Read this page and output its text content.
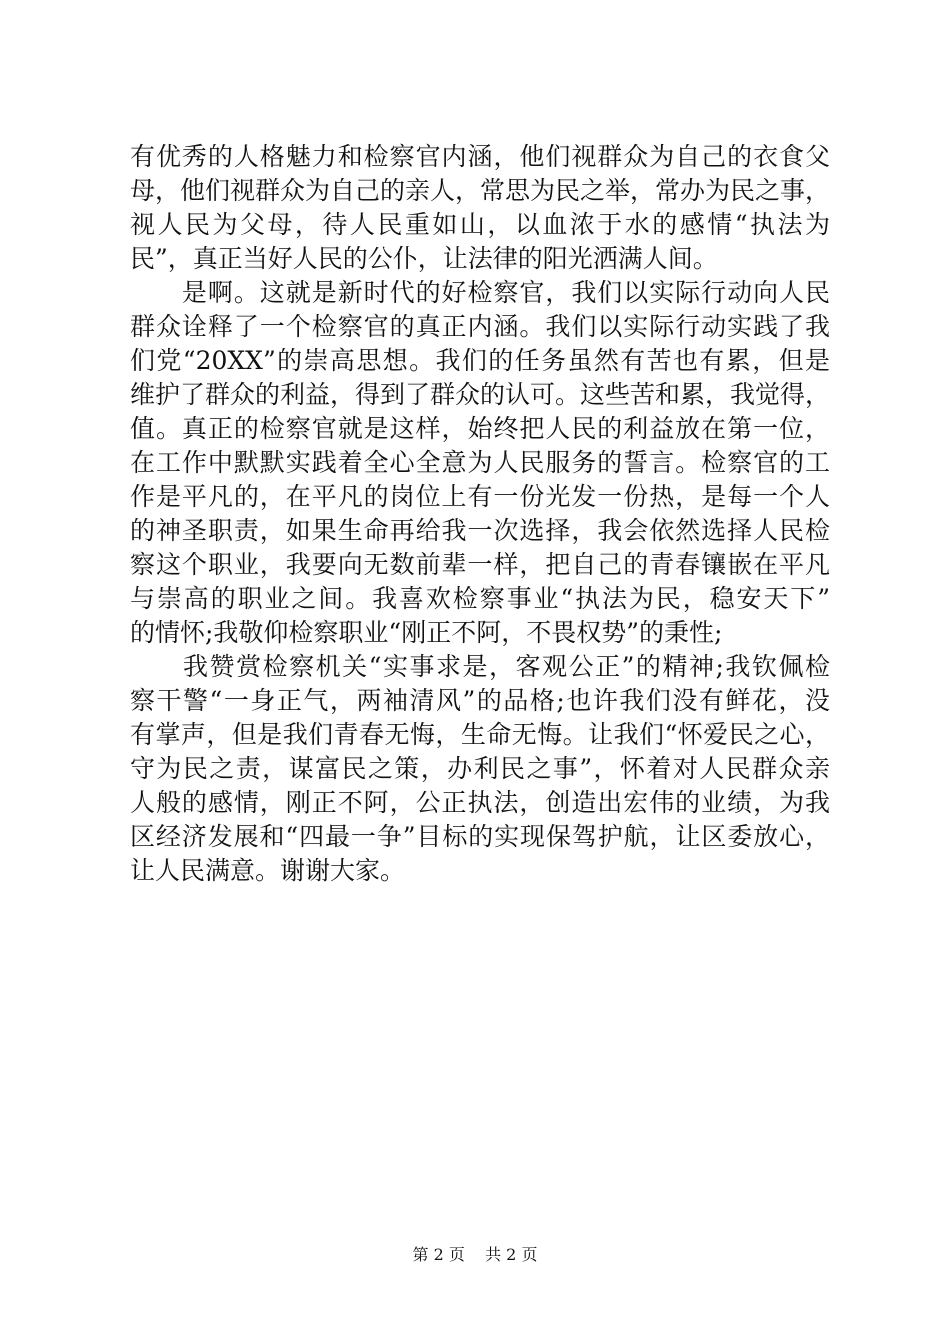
有优秀的人格魅力和检察官内涵，他们视群众为自己的衣食父
母，他们视群众为自己的亲人，常思为民之举，常办为民之事，
视人民为父母，待人民重如山，以血浓于水的感情“执法为
民”，真正当好人民的公仆，让法律的阳光洒满人间。
　　是啊。这就是新时代的好检察官，我们以实际行动向人民
群众诠释了一个检察官的真正内涵。我们以实际行动实践了我
们党“20XX”的崇高思想。我们的任务虽然有苦也有累，但是
维护了群众的利益，得到了群众的认可。这些苦和累，我觉得，
值。真正的检察官就是这样，始终把人民的利益放在第一位，
在工作中默默实践着全心全意为人民服务的誓言。检察官的工
作是平凡的，在平凡的岗位上有一份光发一份热，是每一个人
的神圣职责，如果生命再给我一次选择，我会依然选择人民检
察这个职业，我要向无数前辈一样，把自己的青春镶嵌在平凡
与崇高的职业之间。我喜欢检察事业“执法为民，稳安天下”
的情怀;我敬仰检察职业“刚正不阿，不畏权势”的秉性;
　　我赞赏检察机关“实事求是，客观公正”的精神;我钦佩检
察干警“一身正气，两袖清风”的品格;也许我们没有鲜花，没
有掌声，但是我们青春无悔，生命无悔。让我们“怀爱民之心，
守为民之责，谋富民之策，办利民之事”，怀着对人民群众亲
人般的感情，刚正不阿，公正执法，创造出宏伟的业绩，为我
区经济发展和“四最一争”目标的实现保驾护航，让区委放心，
让人民满意。谢谢大家。
第 2 页 共 2 页
